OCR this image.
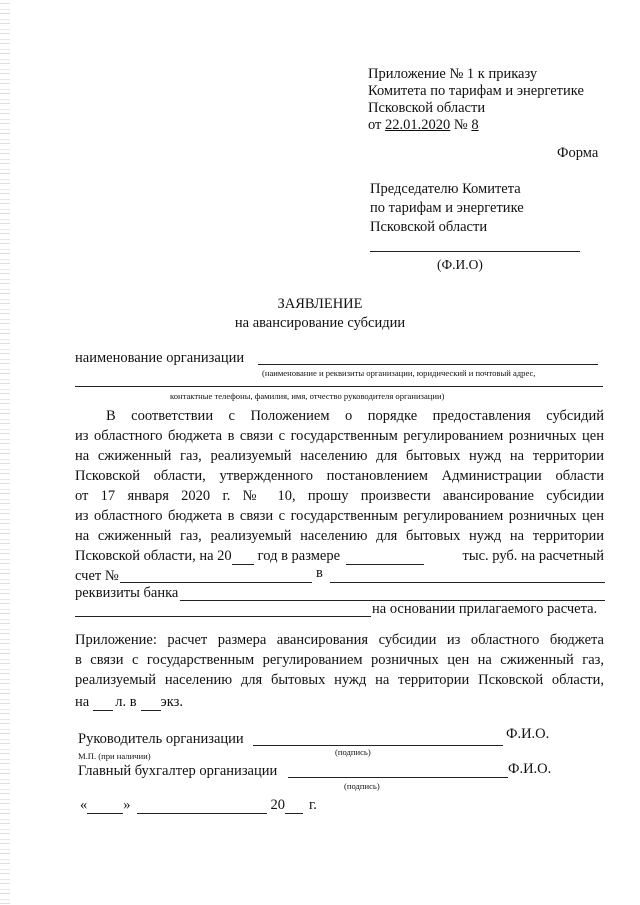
Приложение № 1 к приказу
Комитета по тарифам и энергетике
Псковской области
от 22.01.2020 № 8
Форма
Председателю Комитета
по тарифам и энергетике
Псковской области
(Ф.И.О)
ЗАЯВЛЕНИЕ
на авансирование субсидии
наименование организации
(наименование и реквизиты организации, юридический и почтовый адрес,
контактные телефоны, фамилия, имя, отчество руководителя организации)
В соответствии с Положением о порядке предоставления субсидий
из областного бюджета в связи с государственным регулированием розничных цен
на сжиженный газ, реализуемый населению для бытовых нужд на территории
Псковской области, утвержденного постановлением Администрации области
от 17 января 2020 г. № 10, прошу произвести авансирование субсидии
из областного бюджета в связи с государственным регулированием розничных цен
на сжиженный газ, реализуемый населению для бытовых нужд на территории
Псковской области, на 20 год в размере	тыс. руб. на расчетный
счет №	в
реквизиты банка
на основании прилагаемого расчета.
Приложение: расчет размера авансирования субсидии из областного бюджета
в связи с государственным регулированием розничных цен на сжиженный газ,
реализуемый населению для бытовых нужд на территории Псковской области,
на л. в экз.
Руководитель организации	Ф.И.О.
М.П. (при наличии)	(подпись)
Главный бухгалтер организации	Ф.И.О.
(подпись)
« »	20 г.
